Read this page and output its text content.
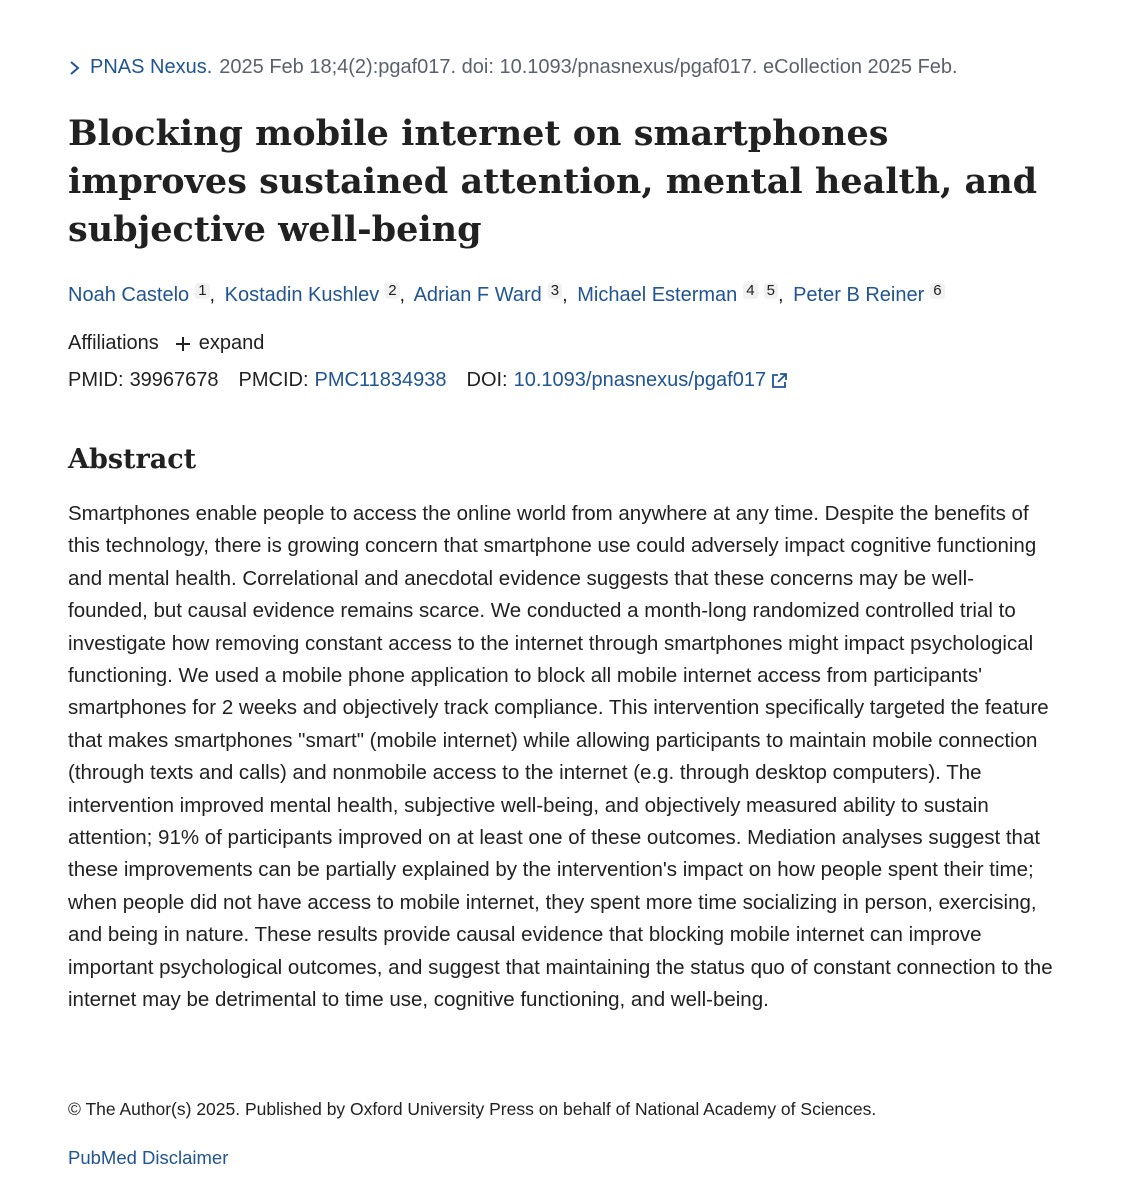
PNAS Nexus. 2025 Feb 18;4(2):pgaf017. doi: 10.1093/pnasnexus/pgaf017. eCollection 2025 Feb.
Blocking mobile internet on smartphones improves sustained attention, mental health, and subjective well-being
Noah Castelo 1 , Kostadin Kushlev 2 , Adrian F Ward 3 , Michael Esterman 4 5 , Peter B Reiner 6
Affiliations expand
PMID: 39967678 PMCID: PMC11834938 DOI: 10.1093/pnasnexus/pgaf017
Abstract

Smartphones enable people to access the online world from anywhere at any time. Despite the benefits of this technology, there is growing concern that smartphone use could adversely impact cognitive functioning and mental health. Correlational and anecdotal evidence suggests that these concerns may be well-founded, but causal evidence remains scarce. We conducted a month-long randomized controlled trial to investigate how removing constant access to the internet through smartphones might impact psychological functioning. We used a mobile phone application to block all mobile internet access from participants' smartphones for 2 weeks and objectively track compliance. This intervention specifically targeted the feature that makes smartphones "smart" (mobile internet) while allowing participants to maintain mobile connection (through texts and calls) and nonmobile access to the internet (e.g. through desktop computers). The intervention improved mental health, subjective well-being, and objectively measured ability to sustain attention; 91% of participants improved on at least one of these outcomes. Mediation analyses suggest that these improvements can be partially explained by the intervention's impact on how people spent their time; when people did not have access to mobile internet, they spent more time socializing in person, exercising, and being in nature. These results provide causal evidence that blocking mobile internet can improve important psychological outcomes, and suggest that maintaining the status quo of constant connection to the internet may be detrimental to time use, cognitive functioning, and well-being.

© The Author(s) 2025. Published by Oxford University Press on behalf of National Academy of Sciences.

PubMed Disclaimer
